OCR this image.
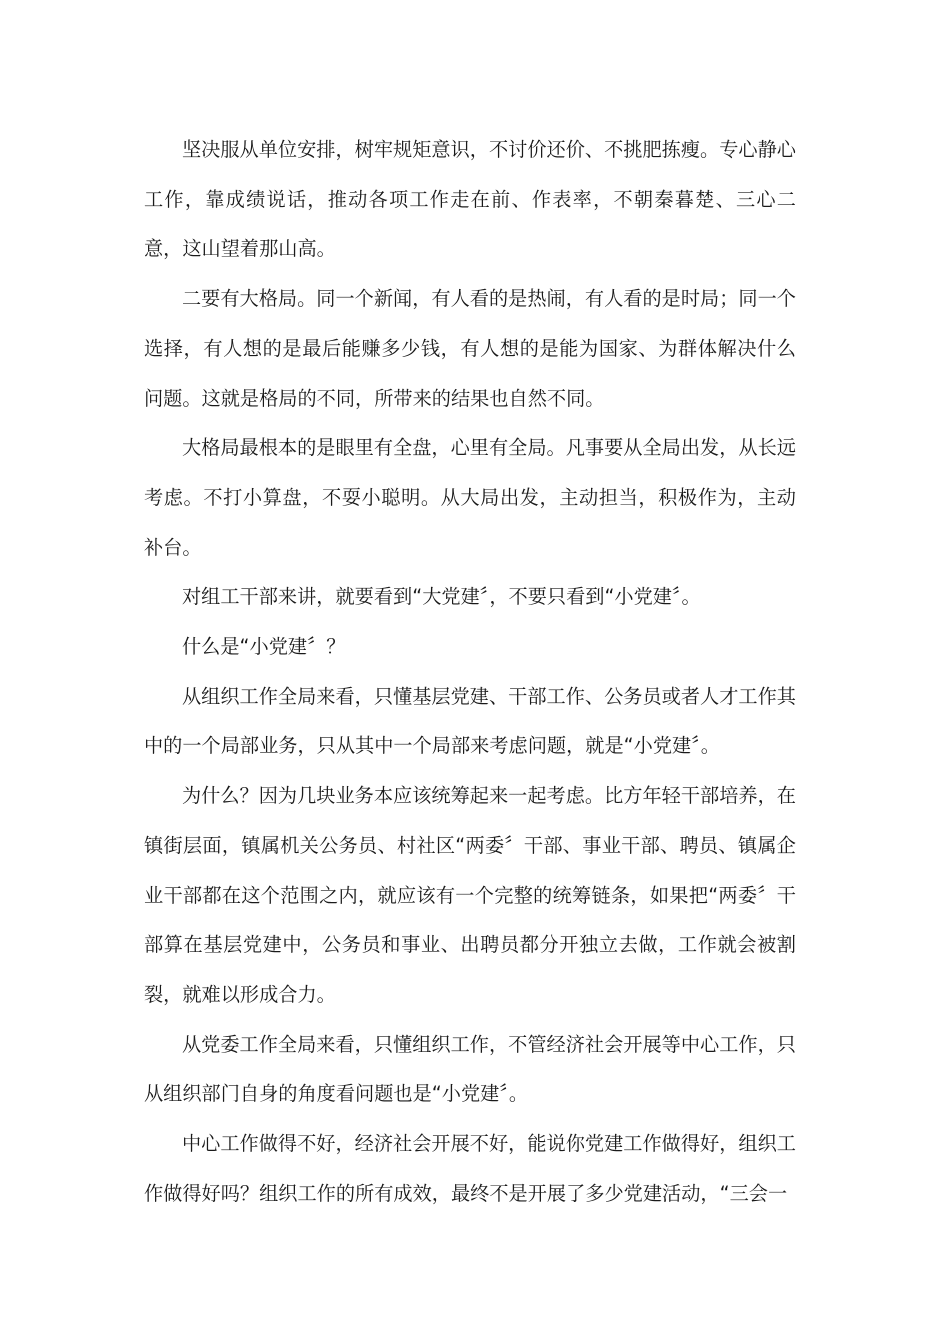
坚决服从单位安排，树牢规矩意识，不讨价还价、不挑肥拣瘦。专心静心工作，靠成绩说话，推动各项工作走在前、作表率，不朝秦暮楚、三心二意，这山望着那山高。

二要有大格局。同一个新闻，有人看的是热闹，有人看的是时局；同一个选择，有人想的是最后能赚多少钱，有人想的是能为国家、为群体解决什么问题。这就是格局的不同，所带来的结果也自然不同。

大格局最根本的是眼里有全盘，心里有全局。凡事要从全局出发，从长远考虑。不打小算盘，不耍小聪明。从大局出发，主动担当，积极作为，主动补台。

对组工干部来讲，就要看到“大党建〞，不要只看到“小党建〞。

什么是“小党建〞？

从组织工作全局来看，只懂基层党建、干部工作、公务员或者人才工作其中的一个局部业务，只从其中一个局部来考虑问题，就是“小党建〞。

为什么？因为几块业务本应该统筹起来一起考虑。比方年轻干部培养，在镇街层面，镇属机关公务员、村社区“两委〞干部、事业干部、聘员、镇属企业干部都在这个范围之内，就应该有一个完整的统筹链条，如果把“两委〞干部算在基层党建中，公务员和事业、出聘员都分开独立去做，工作就会被割裂，就难以形成合力。

从党委工作全局来看，只懂组织工作，不管经济社会开展等中心工作，只从组织部门自身的角度看问题也是“小党建〞。

中心工作做得不好，经济社会开展不好，能说你党建工作做得好，组织工作做得好吗？组织工作的所有成效，最终不是开展了多少党建活动，“三会一
